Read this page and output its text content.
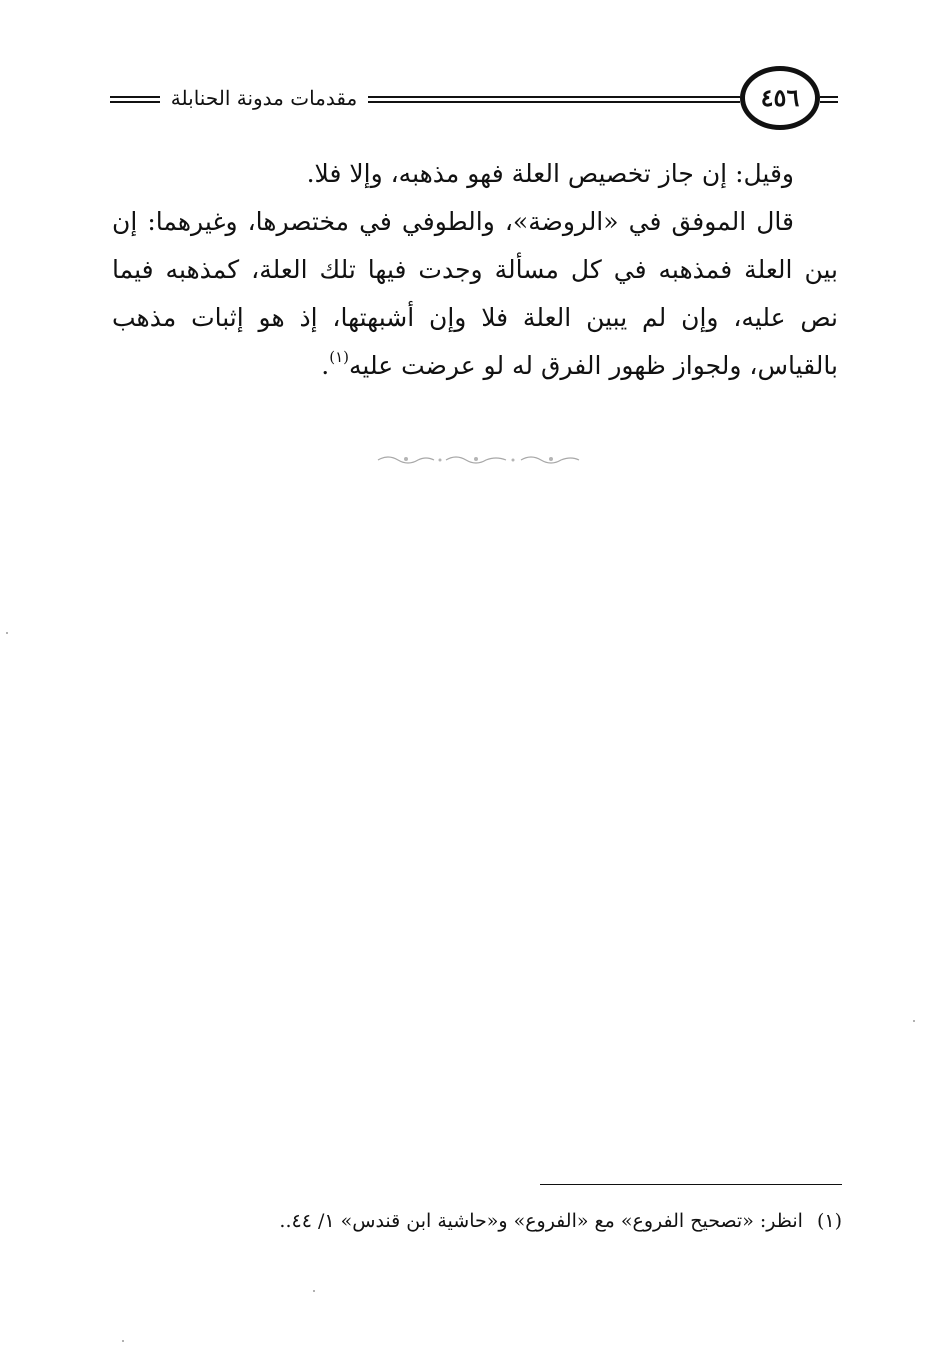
مقدمات مدونة الحنابلة	٤٥٦

وقيل: إن جاز تخصيص العلة فهو مذهبه، وإلا فلا.

قال الموفق في «الروضة»، والطوفي في مختصرها، وغيرهما: إن بين العلة فمذهبه في كل مسألة وجدت فيها تلك العلة، كمذهبه فيما نص عليه، وإن لم يبين العلة فلا وإن أشبهتها، إذ هو إثبات مذهب بالقياس، ولجواز ظهور الفرق له لو عرضت عليه$^{(١)}$.

(١)انظر: «تصحيح الفروع» مع «الفروع» و«حاشية ابن قندس» ١/ ٤٤..
